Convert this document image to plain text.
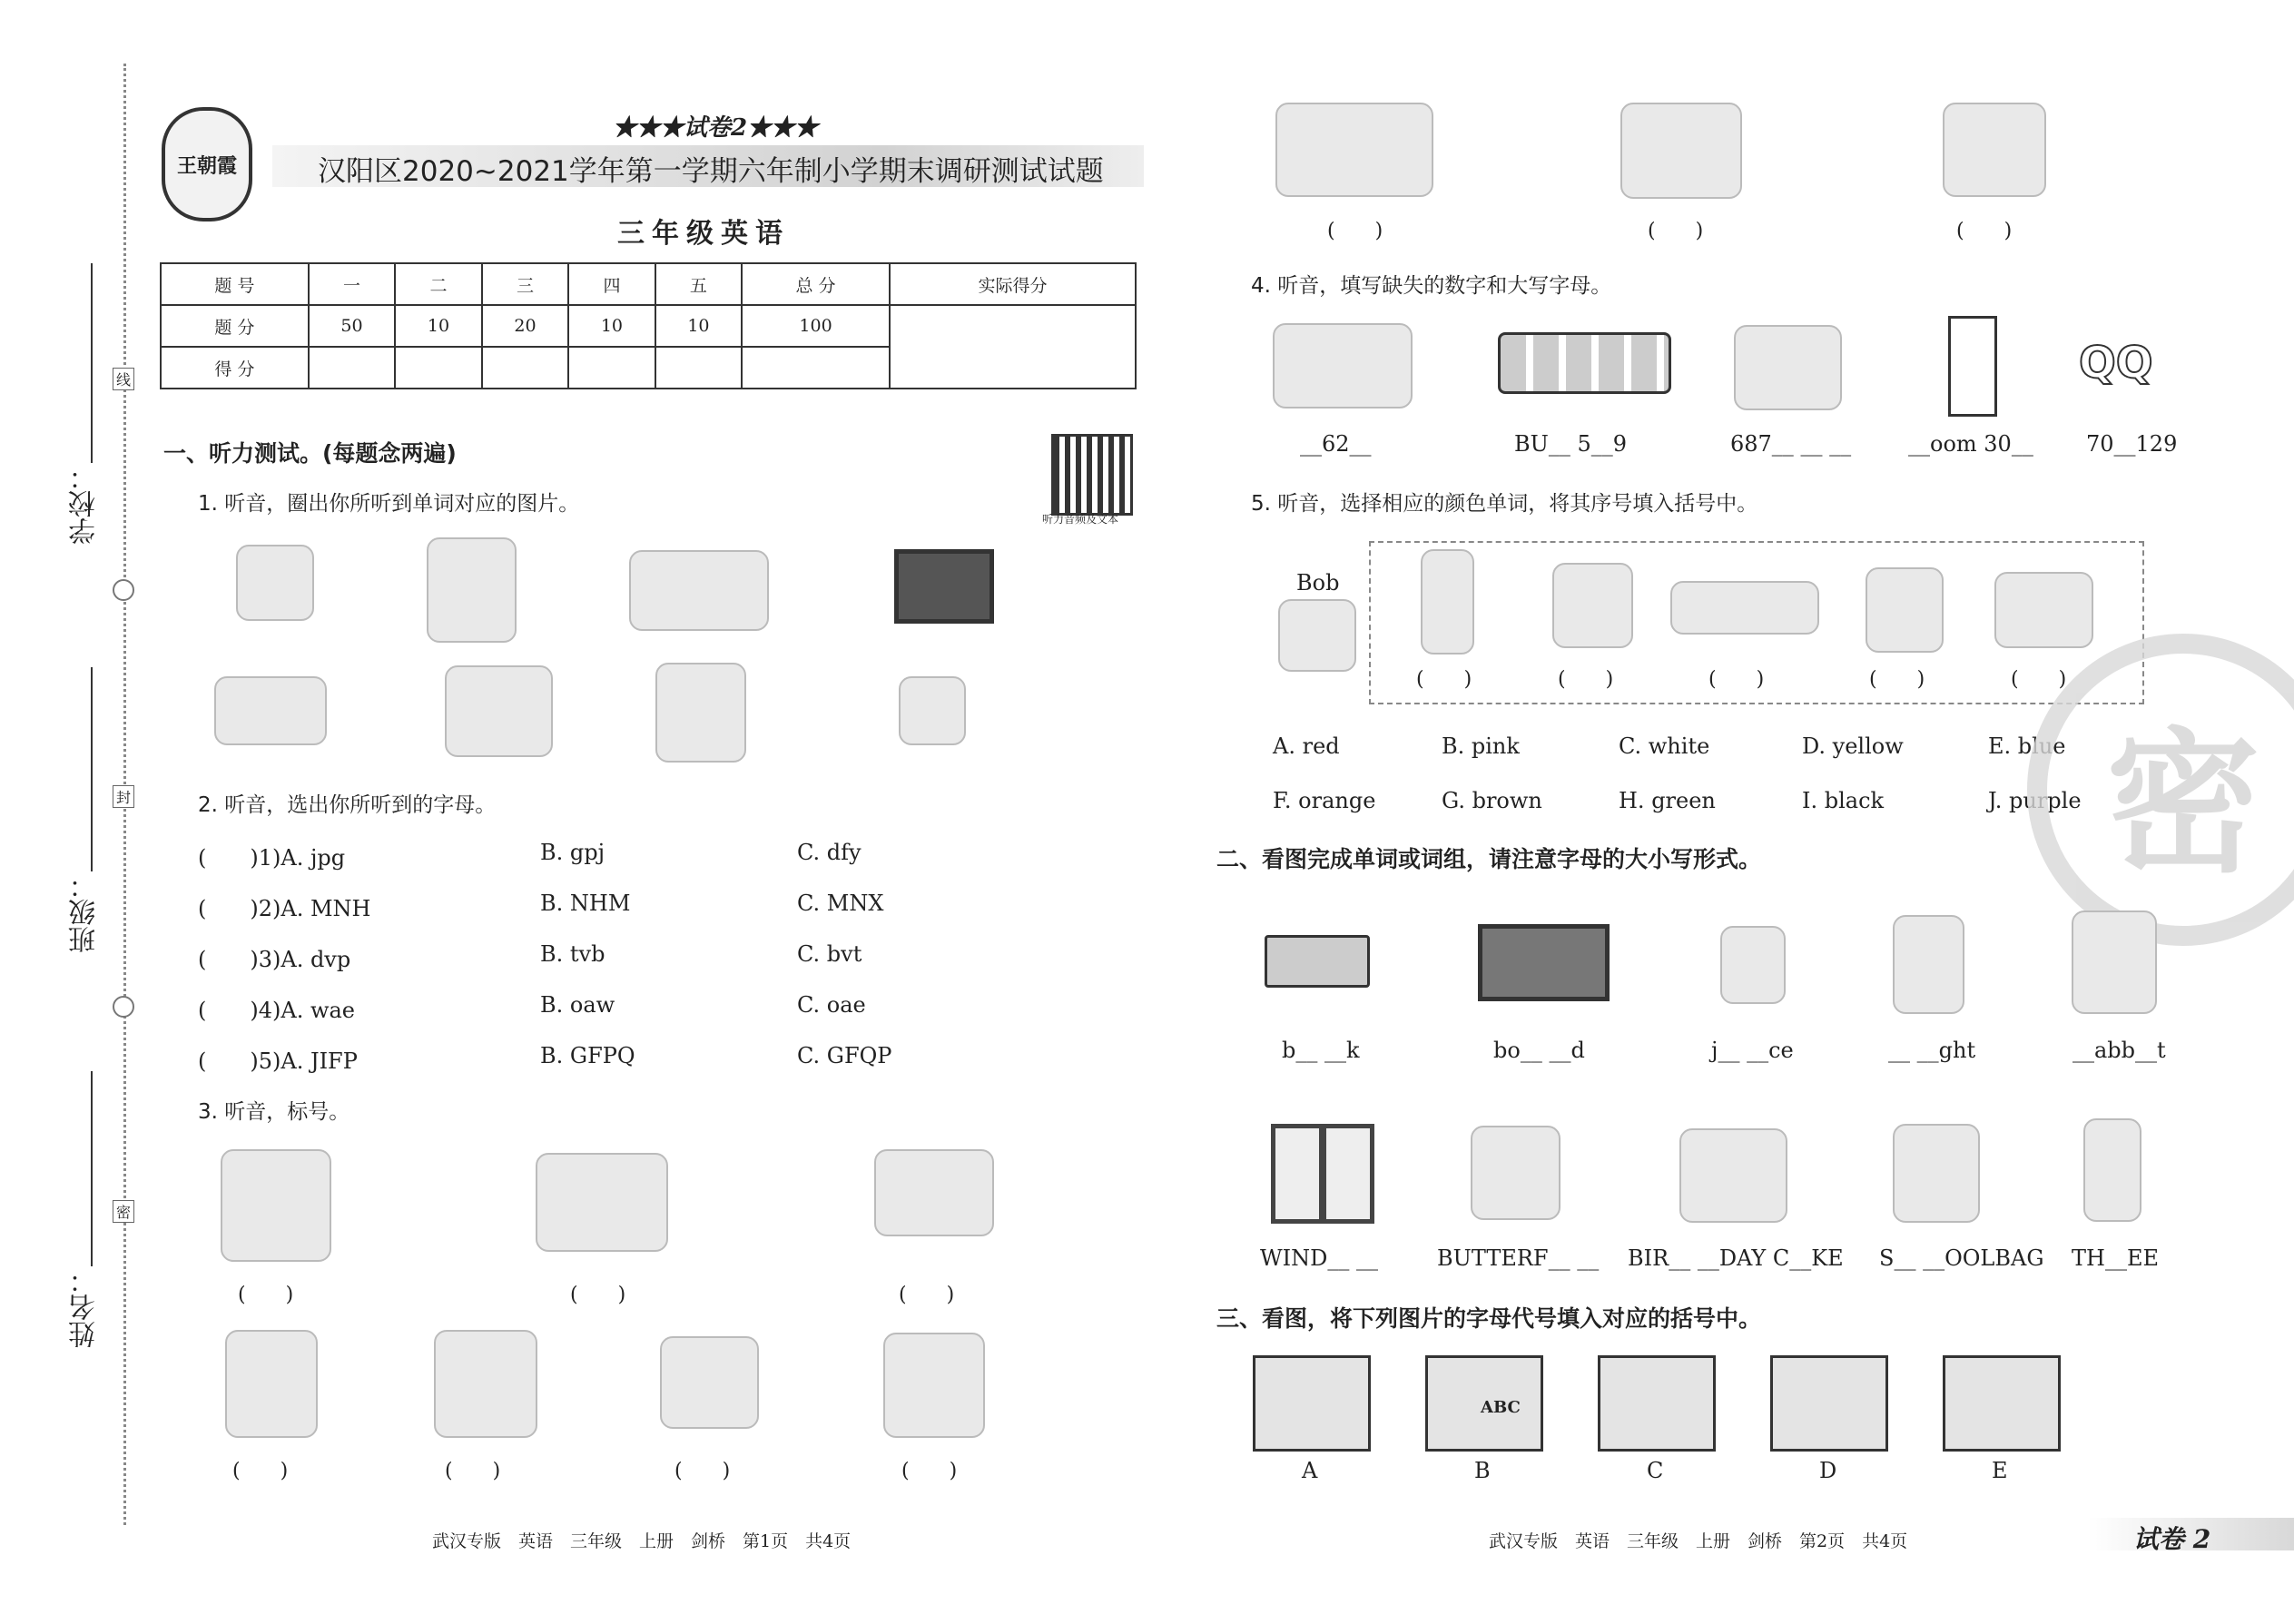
学校：
班级：
姓名：
线
封
密
王朝霞
★★★试卷2★★★
汉阳区2020~2021学年第一学期六年制小学期末调研测试试题
三年级英语
题 号	一	二	三	四	五	总 分	实际得分
题 分	50	10	20	10	10	100	
得 分							
听力音频及文本
一、听力测试。(每题念两遍)
1. 听音，圈出你所听到单词对应的图片。
2. 听音，选出你所听到的字母。
(　　)1)A. jpg	B. gpj	C. dfy
(　　)2)A. MNH	B. NHM	C. MNX
(　　)3)A. dvp	B. tvb	C. bvt
(　　)4)A. wae	B. oaw	C. oae
(　　)5)A. JIFP	B. GFPQ	C. GFQP
3. 听音，标号。
(　　)	(　　)	(　　)
(　　)	(　　)	(　　)	(　　)
武汉专版　英语　三年级　上册　剑桥　第1页　共4页
(　　)	(　　)	(　　)
4. 听音，填写缺失的数字和大写字母。
QQ
__62__	BU__ 5__9	687__ __ __	__oom 30__ 70__129
5. 听音，选择相应的颜色单词，将其序号填入括号中。
Bob
(　　)	(　　)	(　　)	(　　)	(　　)
A. red	B. pink	C. white	D. yellow	E. blue
F. orange	G. brown	H. green	I. black	J. purple 密
二、看图完成单词或词组，请注意字母的大小写形式。
b__ __k	bo__ __d	j__ __ce	__ __ght	__abb__t
WIND__ __	BUTTERF__ __ BIR__ __DAY C__KE S__ __OOLBAG TH__EE
三、看图，将下列图片的字母代号填入对应的括号中。
ABC
A	B	C	D	E
武汉专版　英语　三年级　上册　剑桥　第2页　共4页	试卷 2
